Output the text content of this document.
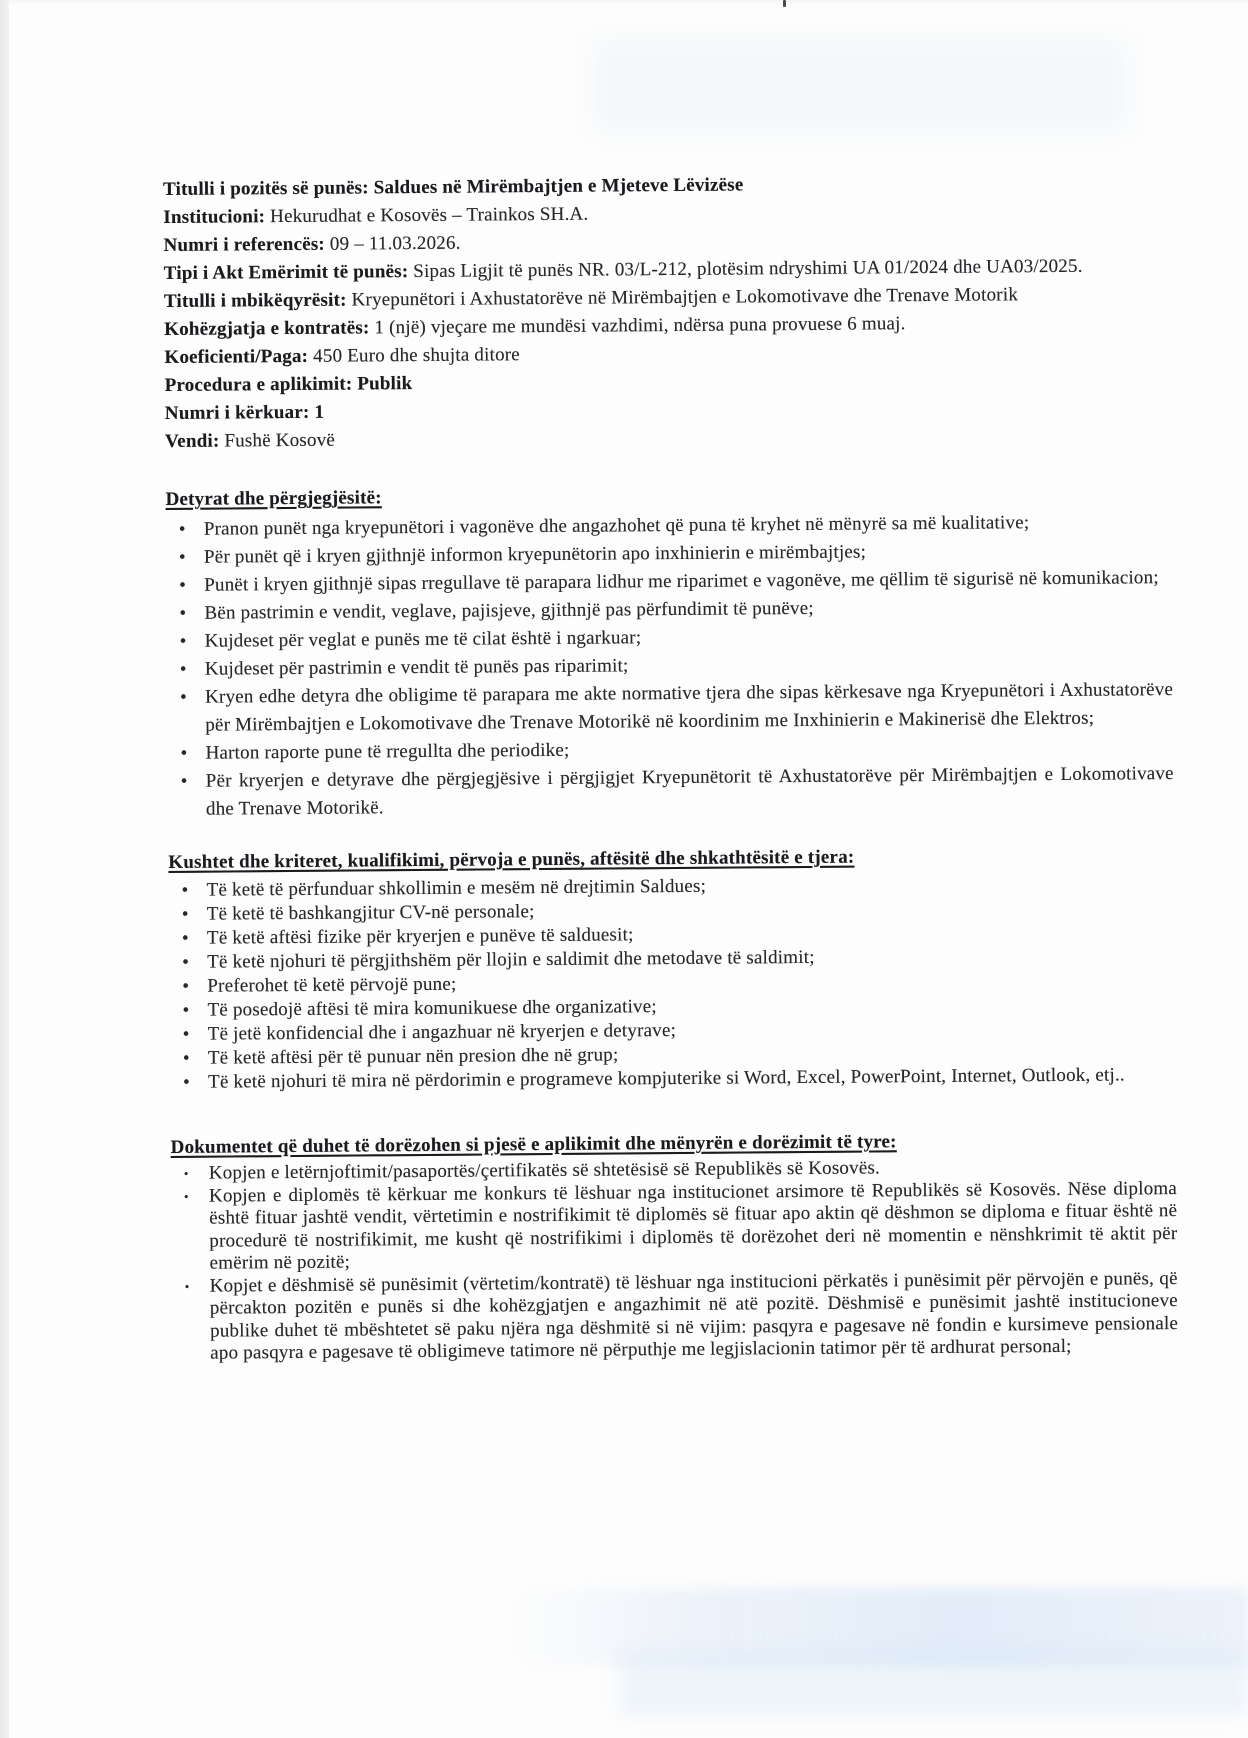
Titulli i pozitës së punës: Saldues në Mirëmbajtjen e Mjeteve Lëvizëse
Institucioni: Hekurudhat e Kosovës – Trainkos SH.A.
Numri i referencës: 09 – 11.03.2026.
Tipi i Akt Emërimit të punës: Sipas Ligjit të punës NR. 03/L-212, plotësim ndryshimi UA 01/2024 dhe UA03/2025.
Titulli i mbikëqyrësit: Kryepunëtori i Axhustatorëve në Mirëmbajtjen e Lokomotivave dhe Trenave Motorik
Kohëzgjatja e kontratës: 1 (një) vjeçare me mundësi vazhdimi, ndërsa puna provuese 6 muaj.
Koeficienti/Paga: 450 Euro dhe shujta ditore
Procedura e aplikimit: Publik
Numri i kërkuar: 1
Vendi: Fushë Kosovë
Detyrat dhe përgjegjësitë:
• Pranon punët nga kryepunëtori i vagonëve dhe angazhohet që puna të kryhet në mënyrë sa më kualitative;
• Për punët që i kryen gjithnjë informon kryepunëtorin apo inxhinierin e mirëmbajtjes;
• Punët i kryen gjithnjë sipas rregullave të parapara lidhur me riparimet e vagonëve, me qëllim të sigurisë në komunikacion;
• Bën pastrimin e vendit, veglave, pajisjeve, gjithnjë pas përfundimit të punëve;
• Kujdeset për veglat e punës me të cilat është i ngarkuar;
• Kujdeset për pastrimin e vendit të punës pas riparimit;
• Kryen edhe detyra dhe obligime të parapara me akte normative tjera dhe sipas kërkesave nga Kryepunëtori i Axhustatorëve për Mirëmbajtjen e Lokomotivave dhe Trenave Motorikë në koordinim me Inxhinierin e Makinerisë dhe Elektros;
• Harton raporte pune të rregullta dhe periodike;
• Për kryerjen e detyrave dhe përgjegjësive i përgjigjet Kryepunëtorit të Axhustatorëve për Mirëmbajtjen e Lokomotivave dhe Trenave Motorikë.
Kushtet dhe kriteret, kualifikimi, përvoja e punës, aftësitë dhe shkathtësitë e tjera:
• Të ketë të përfunduar shkollimin e mesëm në drejtimin Saldues;
• Të ketë të bashkangjitur CV-në personale;
• Të ketë aftësi fizike për kryerjen e punëve të salduesit;
• Të ketë njohuri të përgjithshëm për llojin e saldimit dhe metodave të saldimit;
• Preferohet të ketë përvojë pune;
• Të posedojë aftësi të mira komunikuese dhe organizative;
• Të jetë konfidencial dhe i angazhuar në kryerjen e detyrave;
• Të ketë aftësi për të punuar nën presion dhe në grup;
• Të ketë njohuri të mira në përdorimin e programeve kompjuterike si Word, Excel, PowerPoint, Internet, Outlook, etj..
Dokumentet që duhet të dorëzohen si pjesë e aplikimit dhe mënyrën e dorëzimit të tyre:
• Kopjen e letërnjoftimit/pasaportës/çertifikatës së shtetësisë së Republikës së Kosovës.
• Kopjen e diplomës të kërkuar me konkurs të lëshuar nga institucionet arsimore të Republikës së Kosovës. Nëse diploma është fituar jashtë vendit, vërtetimin e nostrifikimit të diplomës së fituar apo aktin që dëshmon se diploma e fituar është në procedurë të nostrifikimit, me kusht që nostrifikimi i diplomës të dorëzohet deri në momentin e nënshkrimit të aktit për emërim në pozitë;
• Kopjet e dëshmisë së punësimit (vërtetim/kontratë) të lëshuar nga institucioni përkatës i punësimit për përvojën e punës, që përcakton pozitën e punës si dhe kohëzgjatjen e angazhimit në atë pozitë. Dëshmisë e punësimit jashtë institucioneve publike duhet të mbështetet së paku njëra nga dëshmitë si në vijim: pasqyra e pagesave në fondin e kursimeve pensionale apo pasqyra e pagesave të obligimeve tatimore në përputhje me legjislacionin tatimor për të ardhurat personal;
